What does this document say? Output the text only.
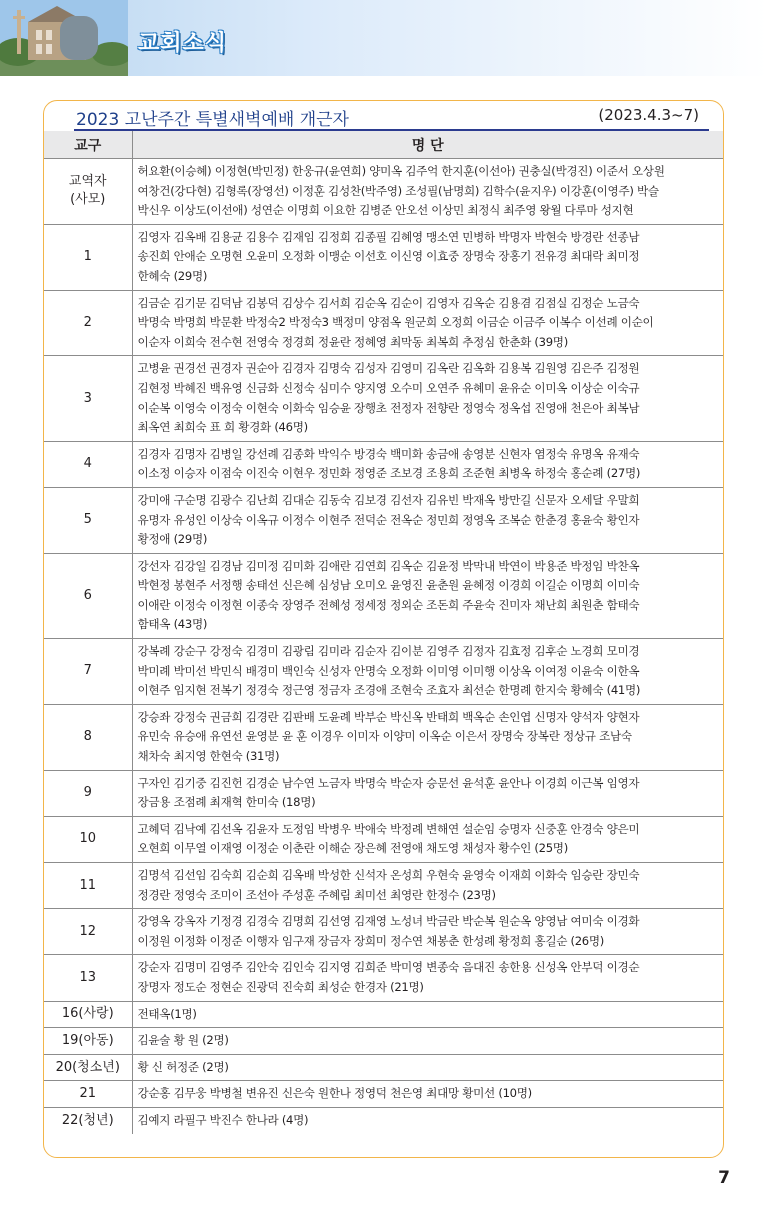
교회소식
2023 고난주간 특별새벽예배 개근자	(2023.4.3~7)
교구	명 단
교역자
(사모)	허요환(이승혜) 이정현(박민정) 한웅규(윤연희) 양미옥 김주억 한지훈(이선아) 권충실(박경진) 이준서 오상원
여창건(강다현) 김형록(장영선) 이정훈 김성찬(박주영) 조성필(남명희) 김학수(윤지우) 이강훈(이영주) 박슬
박신우 이상도(이선애) 성연순 이명희 이요한 김병준 안오선 이상민 최정식 최주영 왕월 다루마 성지현
1	김영자 김옥배 김용균 김용수 김재임 김정희 김종필 김혜영 맹소연 민병하 박명자 박현숙 방경란 선종남
송진희 안애순 오명현 오윤미 오정화 이맹순 이선호 이신영 이효중 장명숙 장홍기 전유경 최대락 최미정
한혜숙 (29명)
2	김금순 김기문 김덕남 김봉덕 김상수 김서희 김순옥 김순이 김영자 김옥순 김용겸 김점실 김정순 노금숙
박명숙 박명희 박문환 박정숙2 박정숙3 백정미 양점옥 원군희 오정희 이금순 이금주 이복수 이선례 이순이
이순자 이희숙 전수현 전영숙 정경희 정윤란 정혜영 최막동 최복희 추정심 한춘화 (39명)
3	고병윤 권경선 권경자 권순아 김경자 김명숙 김성자 김영미 김옥란 김옥화 김용복 김원영 김은주 김정원
김현정 박혜진 백유영 신금화 신정숙 심미수 양지영 오수미 오연주 유혜미 윤유순 이미옥 이상순 이숙규
이순복 이영숙 이정숙 이현숙 이화숙 임승윤 장행초 전정자 전향란 정영숙 정옥섭 진영애 천은아 최복남
최옥연 최희숙 표 희 황경화 (46명)
4	김경자 김명자 김병일 강선례 김종화 박익수 방경숙 백미화 송금애 송영분 신현자 염정숙 유명옥 유재숙
이소정 이승자 이점숙 이진숙 이현우 정민화 정영준 조보경 조용희 조준현 최병옥 하정숙 홍순례 (27명)
5	강미애 구순명 김광수 김난희 김대순 김동숙 김보경 김선자 김유빈 박재옥 방만길 신문자 오세달 우말희
유명자 유성인 이상숙 이옥규 이정수 이현주 전덕순 전옥순 정민희 정영옥 조복순 한춘경 홍윤숙 황인자
황정애 (29명)
6	강선자 김강일 김경남 김미정 김미화 김애란 김연희 김옥순 김윤정 박막내 박연이 박용준 박정임 박찬옥
박현정 봉현주 서정행 송태선 신은혜 심성남 오미오 윤영진 윤춘원 윤혜정 이경희 이길순 이명희 이미숙
이애란 이정숙 이정현 이종숙 장영주 전혜성 정세정 정외순 조돈희 주윤숙 진미자 채난희 최원춘 함태숙
함태옥 (43명)
7	강복례 강순구 강정숙 김경미 김광림 김미라 김순자 김이분 김영주 김정자 김효정 김후순 노경희 모미경
박미례 박미선 박민식 배경미 백인숙 신성자 안명숙 오정화 이미영 이미행 이상옥 이여정 이윤숙 이한옥
이현주 임지현 전복기 정경숙 정근영 정금자 조경애 조현숙 조효자 최선순 한명례 한지숙 황혜숙 (41명)
8	강승좌 강정숙 권금희 김경란 김판배 도윤례 박부순 박신옥 반태희 백옥순 손인엽 신명자 양석자 양현자
유민숙 유승애 유연선 윤영분 윤 훈 이경우 이미자 이양미 이옥순 이은서 장명숙 장복란 정상규 조남숙
채차숙 최지영 한현숙 (31명)
9	구자인 김기중 김진헌 김경순 남수연 노금자 박명숙 박순자 승문선 윤석훈 윤안나 이경희 이근복 임영자
장금용 조점례 최재혁 한미숙 (18명)
10	고혜덕 김낙예 김선옥 김윤자 도정임 박병우 박애숙 박정례 변해연 설순임 승명자 신중훈 안경숙 양은미
오현희 이무열 이재영 이정순 이춘란 이해순 장은혜 전영애 채도영 채성자 황수인 (25명)
11	김명석 김선임 김숙희 김순희 김옥배 박성한 신석자 온성희 우현숙 윤영숙 이재희 이화숙 임승란 장민숙
정경란 정영숙 조미이 조선아 주성훈 주혜림 최미선 최영란 한정수 (23명)
12	강영옥 강옥자 기정경 김경숙 김명희 김선영 김재영 노성녀 박금란 박순복 원순옥 양영남 여미숙 이경화
이정원 이정화 이정준 이행자 임구재 장금자 장희미 정수연 채봉춘 한성례 황정희 홍길순 (26명)
13	강순자 김명미 김영주 김안숙 김인숙 김지영 김희준 박미영 변종숙 음대진 송한용 신성옥 안부덕 이경순
장명자 정도순 정현순 진광덕 진숙희 최성순 한경자 (21명)
16(사랑)	전태옥(1명)
19(아동)	김윤술 황 원 (2명)
20(청소년)	황 신 허정준 (2명)
21	강순홍 김무웅 박병철 변유진 신은숙 원한나 정영덕 천은영 최대망 황미선 (10명)
22(청년)	김예지 라필구 박진수 한나라 (4명)
7
